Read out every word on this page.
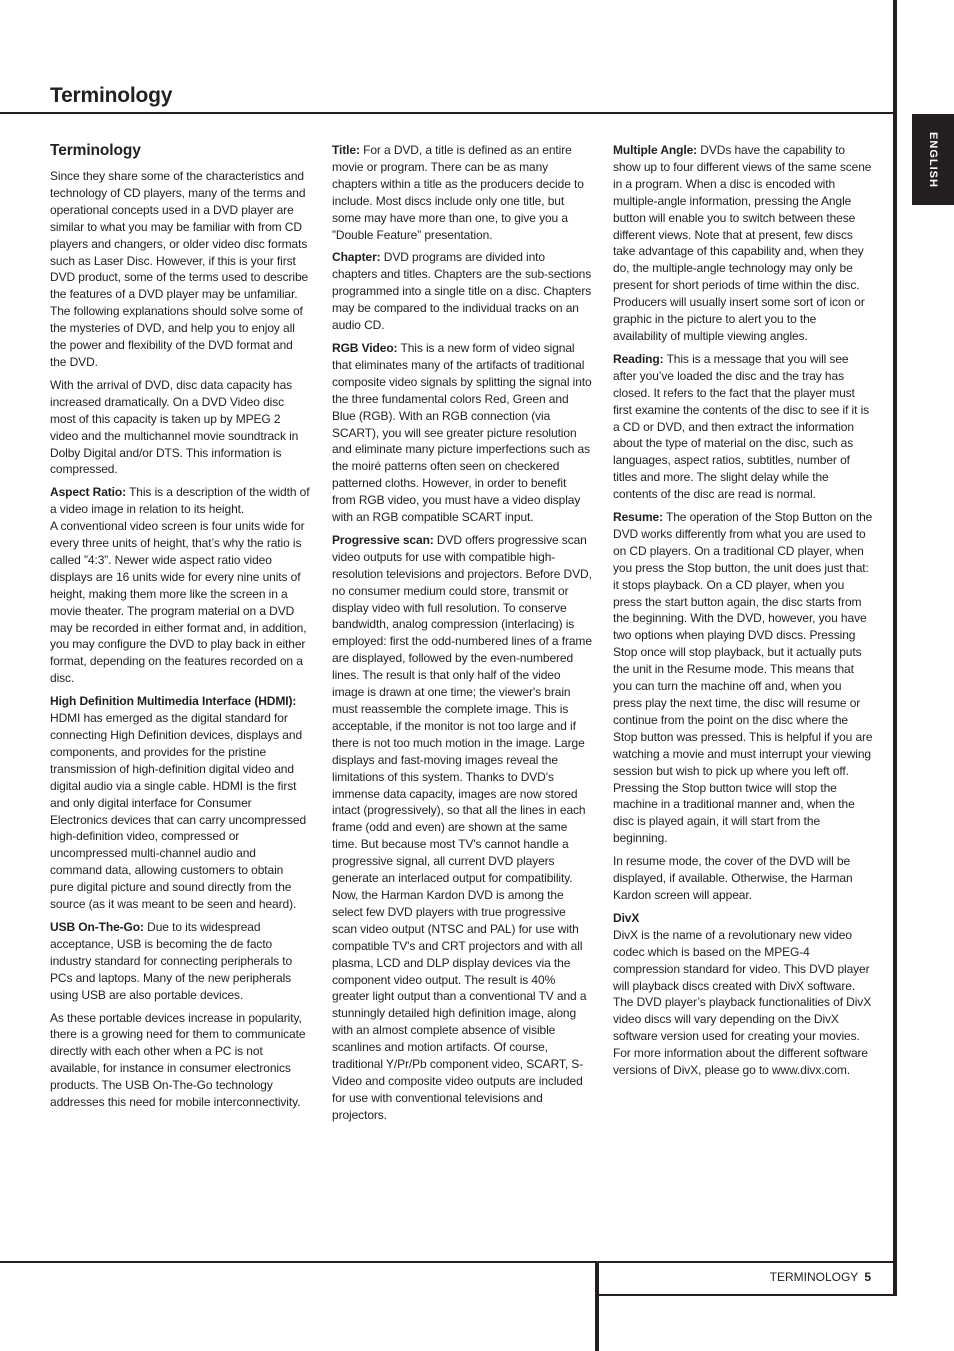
Terminology
ENGLISH
Terminology

Since they share some of the characteristics and technology of CD players, many of the terms and operational concepts used in a DVD player are similar to what you may be familiar with from CD players and changers, or older video disc formats such as Laser Disc. However, if this is your first DVD product, some of the terms used to describe the features of a DVD player may be unfamiliar. The following explanations should solve some of the mysteries of DVD, and help you to enjoy all the power and flexibility of the DVD format and the DVD.

With the arrival of DVD, disc data capacity has increased dramatically. On a DVD Video disc most of this capacity is taken up by MPEG 2 video and the multichannel movie soundtrack in Dolby Digital and/or DTS. This information is compressed.

Aspect Ratio: This is a description of the width of a video image in relation to its height.
A conventional video screen is four units wide for every three units of height, that’s why the ratio is called ”4:3”. Newer wide aspect ratio video displays are 16 units wide for every nine units of height, making them more like the screen in a movie theater. The program material on a DVD may be recorded in either format and, in addition, you may configure the DVD to play back in either format, depending on the features recorded on a disc.

High Definition Multimedia Interface (HDMI): HDMI has emerged as the digital standard for connecting High Definition devices, displays and components, and provides for the pristine transmission of high-definition digital video and digital audio via a single cable. HDMI is the first and only digital interface for Consumer Electronics devices that can carry uncompressed high-definition video, compressed or uncompressed multi-channel audio and command data, allowing customers to obtain pure digital picture and sound directly from the source (as it was meant to be seen and heard).

USB On-The-Go: Due to its widespread acceptance, USB is becoming the de facto industry standard for connecting peripherals to PCs and laptops. Many of the new peripherals using USB are also portable devices.

As these portable devices increase in popularity, there is a growing need for them to communicate directly with each other when a PC is not available, for instance in consumer electronics products. The USB On-The-Go technology addresses this need for mobile interconnectivity.

Title: For a DVD, a title is defined as an entire movie or program. There can be as many chapters within a title as the producers decide to include. Most discs include only one title, but some may have more than one, to give you a ”Double Feature” presentation.

Chapter: DVD programs are divided into chapters and titles. Chapters are the sub-sections programmed into a single title on a disc. Chapters may be compared to the individual tracks on an audio CD.

RGB Video: This is a new form of video signal that eliminates many of the artifacts of traditional composite video signals by splitting the signal into the three fundamental colors Red, Green and Blue (RGB). With an RGB connection (via SCART), you will see greater picture resolution and eliminate many picture imperfections such as the moiré patterns often seen on checkered patterned cloths. However, in order to benefit from RGB video, you must have a video display with an RGB compatible SCART input.

Progressive scan: DVD offers progressive scan video outputs for use with compatible high-resolution televisions and projectors. Before DVD, no consumer medium could store, transmit or display video with full resolution. To conserve bandwidth, analog compression (interlacing) is employed: first the odd-numbered lines of a frame are displayed, followed by the even-numbered lines. The result is that only half of the video image is drawn at one time; the viewer's brain must reassemble the complete image. This is acceptable, if the monitor is not too large and if there is not too much motion in the image. Large displays and fast-moving images reveal the limitations of this system. Thanks to DVD's immense data capacity, images are now stored intact (progressively), so that all the lines in each frame (odd and even) are shown at the same time. But because most TV's cannot handle a progressive signal, all current DVD players generate an interlaced output for compatibility. Now, the Harman Kardon DVD is among the select few DVD players with true progressive scan video output (NTSC and PAL) for use with compatible TV's and CRT projectors and with all plasma, LCD and DLP display devices via the component video output. The result is 40% greater light output than a conventional TV and a stunningly detailed high definition image, along with an almost complete absence of visible scanlines and motion artifacts. Of course, traditional Y/Pr/Pb component video, SCART, S-Video and composite video outputs are included for use with conventional televisions and projectors.

Multiple Angle: DVDs have the capability to show up to four different views of the same scene in a program. When a disc is encoded with multiple-angle information, pressing the Angle button will enable you to switch between these different views. Note that at present, few discs take advantage of this capability and, when they do, the multiple-angle technology may only be present for short periods of time within the disc. Producers will usually insert some sort of icon or graphic in the picture to alert you to the availability of multiple viewing angles.

Reading: This is a message that you will see after you’ve loaded the disc and the tray has closed. It refers to the fact that the player must first examine the contents of the disc to see if it is a CD or DVD, and then extract the information about the type of material on the disc, such as languages, aspect ratios, subtitles, number of titles and more. The slight delay while the contents of the disc are read is normal.

Resume: The operation of the Stop Button on the DVD works differently from what you are used to on CD players. On a traditional CD player, when you press the Stop button, the unit does just that: it stops playback. On a CD player, when you press the start button again, the disc starts from the beginning. With the DVD, however, you have two options when playing DVD discs. Pressing Stop once will stop playback, but it actually puts the unit in the Resume mode. This means that you can turn the machine off and, when you press play the next time, the disc will resume or continue from the point on the disc where the Stop button was pressed. This is helpful if you are watching a movie and must interrupt your viewing session but wish to pick up where you left off. Pressing the Stop button twice will stop the machine in a traditional manner and, when the disc is played again, it will start from the beginning.

In resume mode, the cover of the DVD will be displayed, if available. Otherwise, the Harman Kardon screen will appear.

DivX
DivX is the name of a revolutionary new video codec which is based on the MPEG-4 compression standard for video. This DVD player will playback discs created with DivX software. The DVD player’s playback functionalities of DivX video discs will vary depending on the DivX software version used for creating your movies. For more information about the different software versions of DivX, please go to www.divx.com.

TERMINOLOGY 5
